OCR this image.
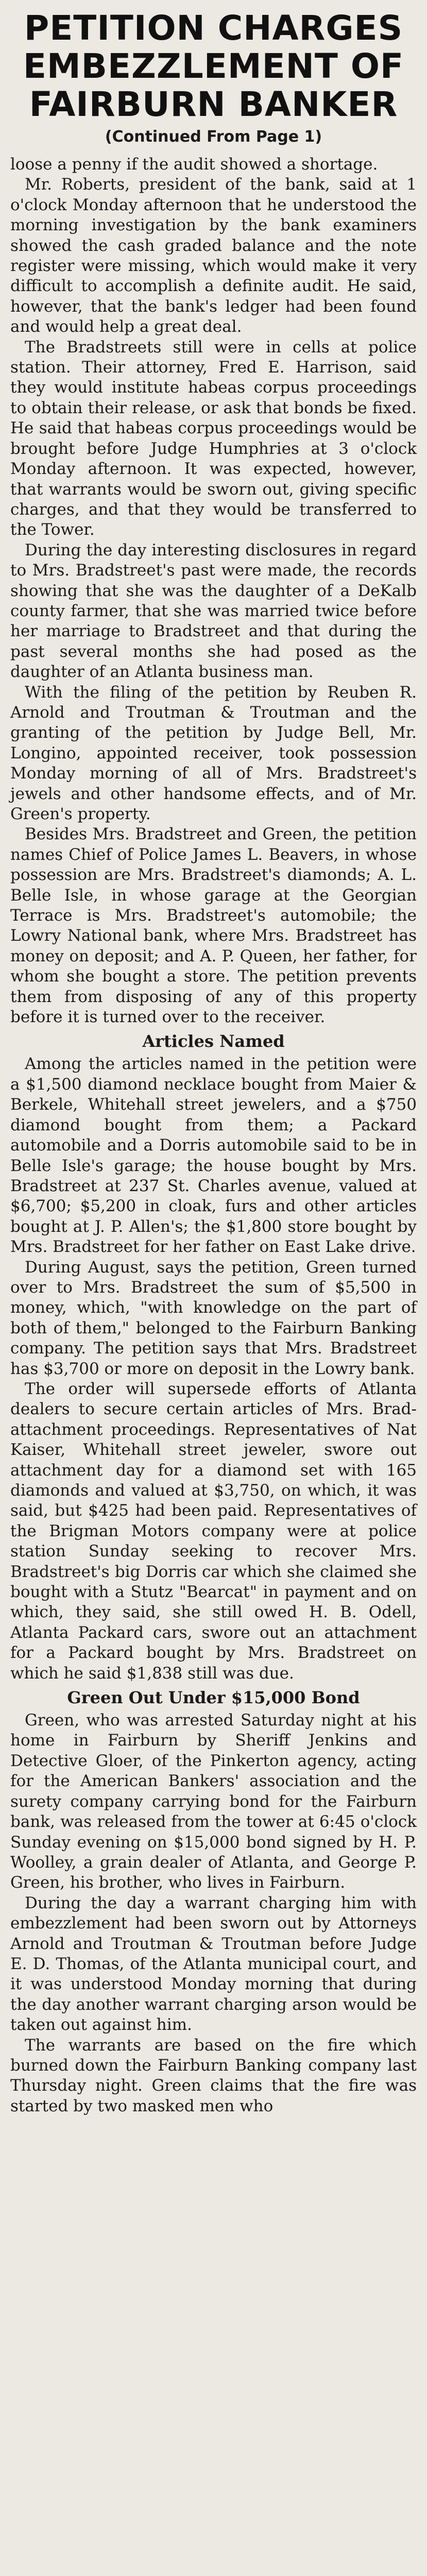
PETITION CHARGES
EMBEZZLEMENT OF
FAIRBURN BANKER
(Continued From Page 1)

loose a penny if the audit showed a shortage.

Mr. Roberts, president of the bank, said at 1 o'clock Monday afternoon that he understood the morning investigation by the bank examiners showed the cash graded balance and the note register were missing, which would make it very difficult to accomplish a definite audit. He said, however, that the bank's ledger had been found and would help a great deal.

The Bradstreets still were in cells at police station. Their attorney, Fred E. Harrison, said they would institute habeas corpus proceedings to obtain their release, or ask that bonds be fixed. He said that habeas corpus proceedings would be brought before Judge Humphries at 3 o'clock Monday afternoon. It was expected, however, that warrants would be sworn out, giving specific charges, and that they would be transferred to the Tower.

During the day interesting disclosures in regard to Mrs. Bradstreet's past were made, the records showing that she was the daughter of a DeKalb county farmer, that she was married twice before her marriage to Bradstreet and that during the past several months she had posed as the daughter of an Atlanta business man.

With the filing of the petition by Reuben R. Arnold and Troutman & Troutman and the granting of the petition by Judge Bell, Mr. Longino, appointed receiver, took possession Monday morning of all of Mrs. Bradstreet's jewels and other handsome effects, and of Mr. Green's property.

Besides Mrs. Bradstreet and Green, the petition names Chief of Police James L. Beavers, in whose possession are Mrs. Bradstreet's diamonds; A. L. Belle Isle, in whose garage at the Georgian Terrace is Mrs. Bradstreet's automobile; the Lowry National bank, where Mrs. Bradstreet has money on deposit; and A. P. Queen, her father, for whom she bought a store. The petition prevents them from disposing of any of this property before it is turned over to the receiver.

Articles Named

Among the articles named in the petition were a $1,500 diamond necklace bought from Maier & Berkele, Whitehall street jewelers, and a $750 diamond bought from them; a Packard automobile and a Dorris automobile said to be in Belle Isle's garage; the house bought by Mrs. Bradstreet at 237 St. Charles avenue, valued at $6,700; $5,200 in cloak, furs and other articles bought at J. P. Allen's; the $1,800 store bought by Mrs. Bradstreet for her father on East Lake drive.

During August, says the petition, Green turned over to Mrs. Bradstreet the sum of $5,500 in money, which, "with knowledge on the part of both of them," belonged to the Fairburn Banking company. The petition says that Mrs. Bradstreet has $3,700 or more on deposit in the Lowry bank.

The order will supersede efforts of Atlanta dealers to secure certain articles of Mrs. Brad- attachment proceedings. Representatives of Nat Kaiser, Whitehall street jeweler, swore out attachment day for a diamond set with 165 diamonds and valued at $3,750, on which, it was said, but $425 had been paid. Representatives of the Brigman Motors company were at police station Sunday seeking to recover Mrs. Bradstreet's big Dorris car which she claimed she bought with a Stutz "Bearcat" in payment and on which, they said, she still owed H. B. Odell, Atlanta Packard cars, swore out an attachment for a Packard bought by Mrs. Bradstreet on which he said $1,838 still was due.

Green Out Under $15,000 Bond

Green, who was arrested Saturday night at his home in Fairburn by Sheriff Jenkins and Detective Gloer, of the Pinkerton agency, acting for the American Bankers' association and the surety company carrying bond for the Fairburn bank, was released from the tower at 6:45 o'clock Sunday evening on $15,000 bond signed by H. P. Woolley, a grain dealer of Atlanta, and George P. Green, his brother, who lives in Fairburn.

During the day a warrant charging him with embezzlement had been sworn out by Attorneys Arnold and Troutman & Troutman before Judge E. D. Thomas, of the Atlanta municipal court, and it was understood Monday morning that during the day another warrant charging arson would be taken out against him.

The warrants are based on the fire which burned down the Fairburn Banking company last Thursday night. Green claims that the fire was started by two masked men who
